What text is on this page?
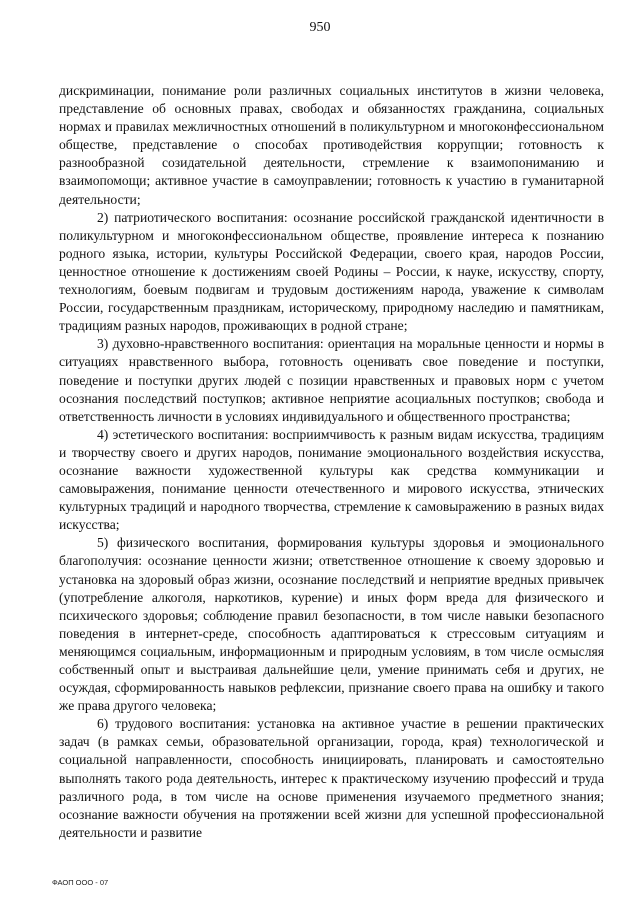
950

дискриминации, понимание роли различных социальных институтов в жизни человека, представление об основных правах, свободах и обязанностях гражданина, социальных нормах и правилах межличностных отношений в поликультурном и многоконфессиональном обществе, представление о способах противодействия коррупции; готовность к разнообразной созидательной деятельности, стремление к взаимопониманию и взаимопомощи; активное участие в самоуправлении; готовность к участию в гуманитарной деятельности;

2) патриотического воспитания: осознание российской гражданской идентичности в поликультурном и многоконфессиональном обществе, проявление интереса к познанию родного языка, истории, культуры Российской Федерации, своего края, народов России, ценностное отношение к достижениям своей Родины – России, к науке, искусству, спорту, технологиям, боевым подвигам и трудовым достижениям народа, уважение к символам России, государственным праздникам, историческому, природному наследию и памятникам, традициям разных народов, проживающих в родной стране;

3) духовно-нравственного воспитания: ориентация на моральные ценности и нормы в ситуациях нравственного выбора, готовность оценивать свое поведение и поступки, поведение и поступки других людей с позиции нравственных и правовых норм с учетом осознания последствий поступков; активное неприятие асоциальных поступков; свобода и ответственность личности в условиях индивидуального и общественного пространства;

4) эстетического воспитания: восприимчивость к разным видам искусства, традициям и творчеству своего и других народов, понимание эмоционального воздействия искусства, осознание важности художественной культуры как средства коммуникации и самовыражения, понимание ценности отечественного и мирового искусства, этнических культурных традиций и народного творчества, стремление к самовыражению в разных видах искусства;

5) физического воспитания, формирования культуры здоровья и эмоционального благополучия: осознание ценности жизни; ответственное отношение к своему здоровью и установка на здоровый образ жизни, осознание последствий и неприятие вредных привычек (употребление алкоголя, наркотиков, курение) и иных форм вреда для физического и психического здоровья; соблюдение правил безопасности, в том числе навыки безопасного поведения в интернет-среде, способность адаптироваться к стрессовым ситуациям и меняющимся социальным, информационным и природным условиям, в том числе осмысляя собственный опыт и выстраивая дальнейшие цели, умение принимать себя и других, не осуждая, сформированность навыков рефлексии, признание своего права на ошибку и такого же права другого человека;

6) трудового воспитания: установка на активное участие в решении практических задач (в рамках семьи, образовательной организации, города, края) технологической и социальной направленности, способность инициировать, планировать и самостоятельно выполнять такого рода деятельность, интерес к практическому изучению профессий и труда различного рода, в том числе на основе применения изучаемого предметного знания; осознание важности обучения на протяжении всей жизни для успешной профессиональной деятельности и развитие

ФАОП ООО - 07
